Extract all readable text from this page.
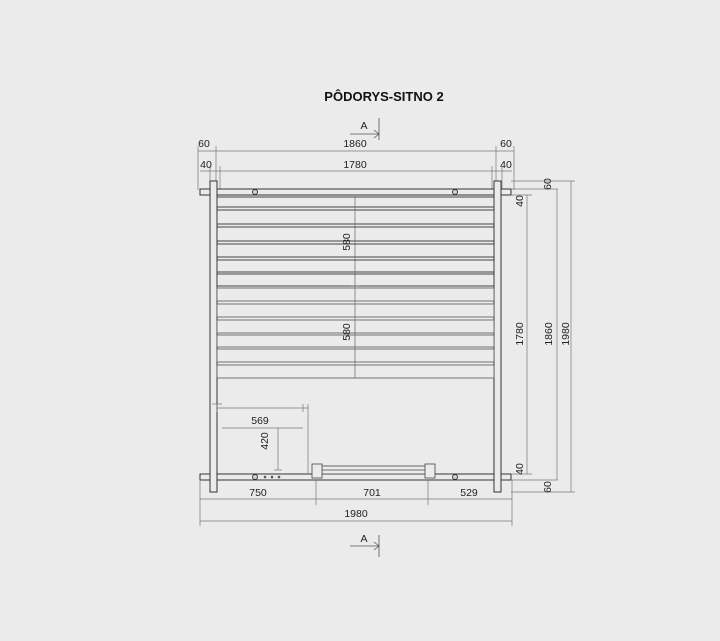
PÔDORYS-SITNO 2
A
A
60	1860	60
40	1780	40
580
580
569
420
750	701	529
1980
60
40
1780 1860 1980
40
60
